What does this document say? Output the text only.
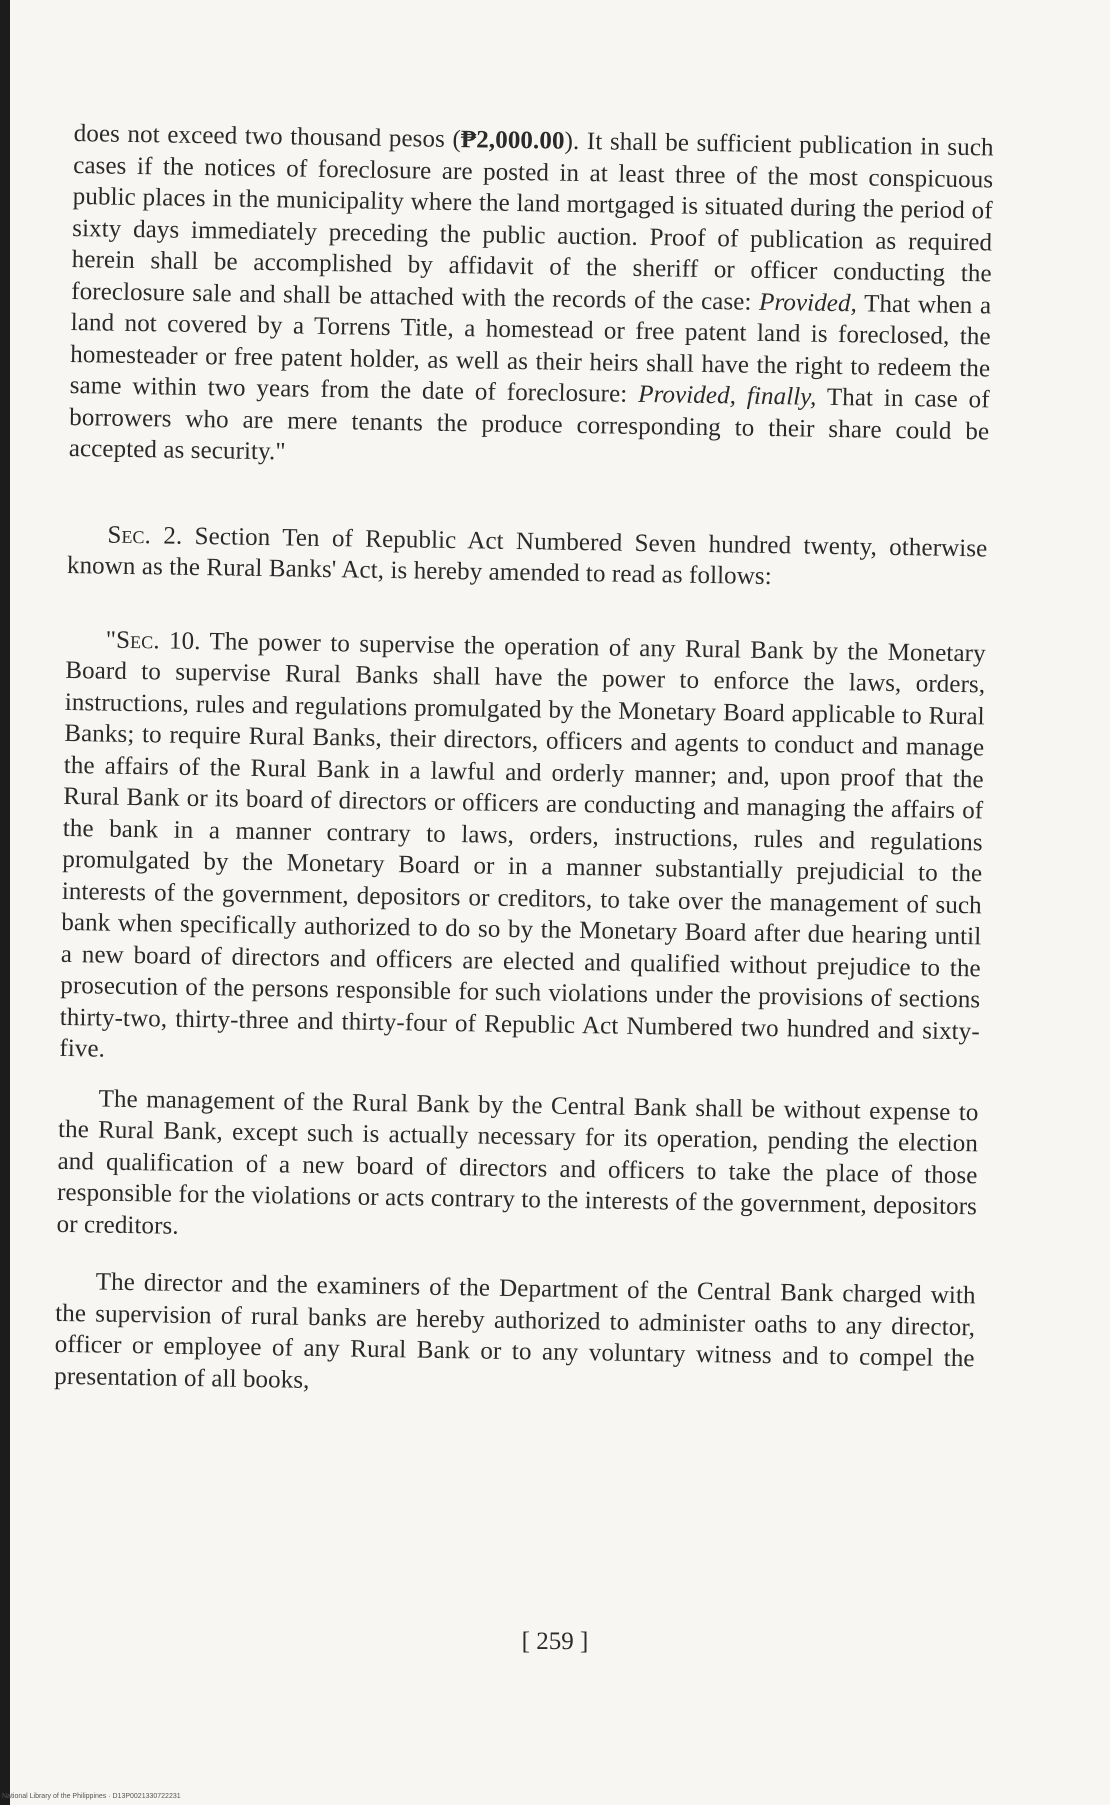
does not exceed two thousand pesos (₱2,000.00). It shall be sufficient publication in such cases if the notices of foreclosure are posted in at least three of the most conspicuous public places in the municipality where the land mortgaged is situated during the period of sixty days immediately preceding the public auction. Proof of publication as required herein shall be accomplished by affidavit of the sheriff or officer conducting the foreclosure sale and shall be attached with the records of the case: Provided, That when a land not covered by a Torrens Title, a homestead or free patent land is foreclosed, the homesteader or free patent holder, as well as their heirs shall have the right to redeem the same within two years from the date of foreclosure: Provided, finally, That in case of borrowers who are mere tenants the produce corresponding to their share could be accepted as security."

Sec. 2. Section Ten of Republic Act Numbered Seven hundred twenty, otherwise known as the Rural Banks' Act, is hereby amended to read as follows:

"Sec. 10. The power to supervise the operation of any Rural Bank by the Monetary Board to supervise Rural Banks shall have the power to enforce the laws, orders, instructions, rules and regulations promulgated by the Monetary Board applicable to Rural Banks; to require Rural Banks, their directors, officers and agents to conduct and manage the affairs of the Rural Bank in a lawful and orderly manner; and, upon proof that the Rural Bank or its board of directors or officers are conducting and managing the affairs of the bank in a manner contrary to laws, orders, instructions, rules and regulations promulgated by the Monetary Board or in a manner substantially prejudicial to the interests of the government, depositors or creditors, to take over the management of such bank when specifically authorized to do so by the Monetary Board after due hearing until a new board of directors and officers are elected and qualified without prejudice to the prosecution of the persons responsible for such violations under the provisions of sections thirty-two, thirty-three and thirty-four of Republic Act Numbered two hundred and sixty-five.

The management of the Rural Bank by the Central Bank shall be without expense to the Rural Bank, except such is actually necessary for its operation, pending the election and qualification of a new board of directors and officers to take the place of those responsible for the violations or acts contrary to the interests of the government, depositors or creditors.

The director and the examiners of the Department of the Central Bank charged with the supervision of rural banks are hereby authorized to administer oaths to any director, officer or employee of any Rural Bank or to any voluntary witness and to compel the presentation of all books,

[ 259 ]
National Library of the Philippines · D13P0021330722231
